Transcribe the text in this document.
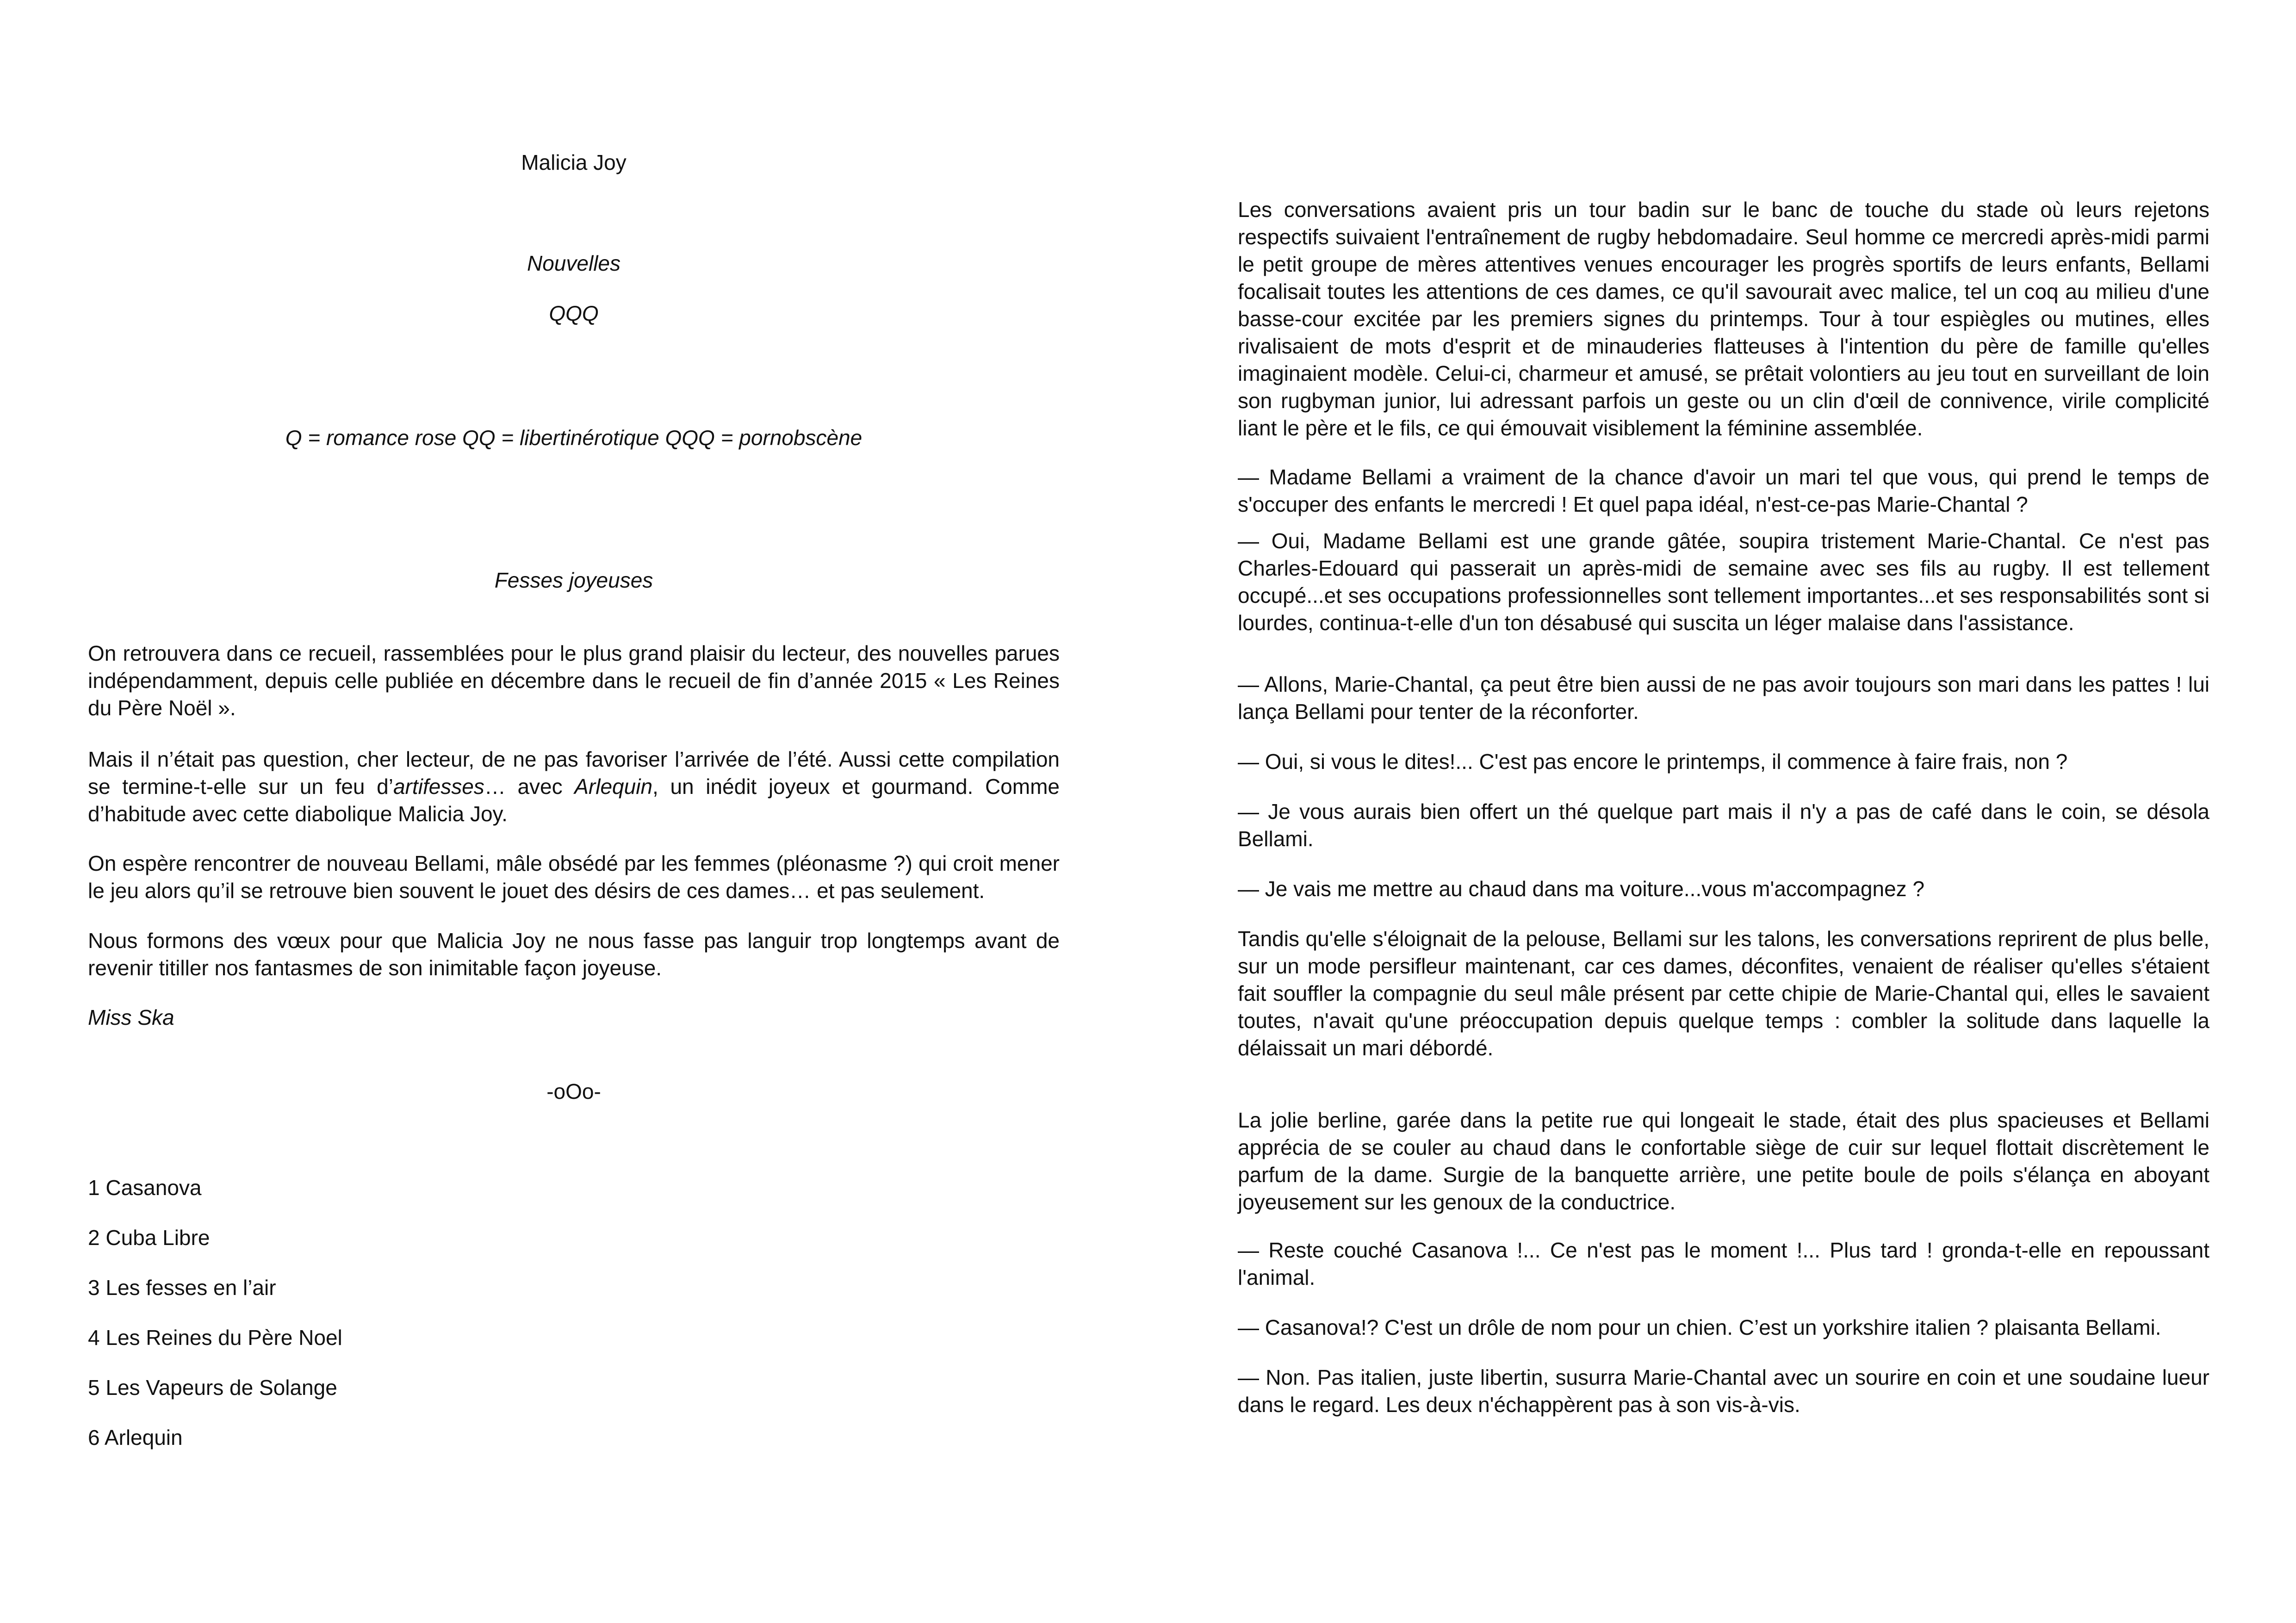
Malicia Joy

Nouvelles

QQQ

Q = romance rose QQ = libertinérotique QQQ = pornobscène

Fesses joyeuses

On retrouvera dans ce recueil, rassemblées pour le plus grand plaisir du lecteur, des nouvelles parues indépendamment, depuis celle publiée en décembre dans le recueil de fin d’année 2015 « Les Reines du Père Noël ».

Mais il n’était pas question, cher lecteur, de ne pas favoriser l’arrivée de l’été. Aussi cette compilation se termine-t-elle sur un feu d’artifesses… avec Arlequin, un inédit joyeux et gourmand. Comme d’habitude avec cette diabolique Malicia Joy.

On espère rencontrer de nouveau Bellami, mâle obsédé par les femmes (pléonasme ?) qui croit mener le jeu alors qu’il se retrouve bien souvent le jouet des désirs de ces dames… et pas seulement.

Nous formons des vœux pour que Malicia Joy ne nous fasse pas languir trop longtemps avant de revenir titiller nos fantasmes de son inimitable façon joyeuse.

Miss Ska

-oOo-

1 Casanova

2 Cuba Libre

3 Les fesses en l’air

4 Les Reines du Père Noel

5 Les Vapeurs de Solange

6 Arlequin

Les conversations avaient pris un tour badin sur le banc de touche du stade où leurs rejetons respectifs suivaient l'entraînement de rugby hebdomadaire. Seul homme ce mercredi après-midi parmi le petit groupe de mères attentives venues encourager les progrès sportifs de leurs enfants, Bellami focalisait toutes les attentions de ces dames, ce qu'il savourait avec malice, tel un coq au milieu d'une basse-cour excitée par les premiers signes du printemps. Tour à tour espiègles ou mutines, elles rivalisaient de mots d'esprit et de minauderies flatteuses à l'intention du père de famille qu'elles imaginaient modèle. Celui-ci, charmeur et amusé, se prêtait volontiers au jeu tout en surveillant de loin son rugbyman junior, lui adressant parfois un geste ou un clin d'œil de connivence, virile complicité liant le père et le fils, ce qui émouvait visiblement la féminine assemblée.

— Madame Bellami a vraiment de la chance d'avoir un mari tel que vous, qui prend le temps de s'occuper des enfants le mercredi ! Et quel papa idéal, n'est-ce-pas Marie-Chantal ?

— Oui, Madame Bellami est une grande gâtée, soupira tristement Marie-Chantal. Ce n'est pas Charles-Edouard qui passerait un après-midi de semaine avec ses fils au rugby. Il est tellement occupé...et ses occupations professionnelles sont tellement importantes...et ses responsabilités sont si lourdes, continua-t-elle d'un ton désabusé qui suscita un léger malaise dans l'assistance.

— Allons, Marie-Chantal, ça peut être bien aussi de ne pas avoir toujours son mari dans les pattes ! lui lança Bellami pour tenter de la réconforter.

— Oui, si vous le dites!... C'est pas encore le printemps, il commence à faire frais, non ?

— Je vous aurais bien offert un thé quelque part mais il n'y a pas de café dans le coin, se désola Bellami.

— Je vais me mettre au chaud dans ma voiture...vous m'accompagnez ?

Tandis qu'elle s'éloignait de la pelouse, Bellami sur les talons, les conversations reprirent de plus belle, sur un mode persifleur maintenant, car ces dames, déconfites, venaient de réaliser qu'elles s'étaient fait souffler la compagnie du seul mâle présent par cette chipie de Marie-Chantal qui, elles le savaient toutes, n'avait qu'une préoccupation depuis quelque temps : combler la solitude dans laquelle la délaissait un mari débordé.

La jolie berline, garée dans la petite rue qui longeait le stade, était des plus spacieuses et Bellami apprécia de se couler au chaud dans le confortable siège de cuir sur lequel flottait discrètement le parfum de la dame. Surgie de la banquette arrière, une petite boule de poils s'élança en aboyant joyeusement sur les genoux de la conductrice.

— Reste couché Casanova !... Ce n'est pas le moment !... Plus tard ! gronda-t-elle en repoussant l'animal.

— Casanova!? C'est un drôle de nom pour un chien. C’est un yorkshire italien ? plaisanta Bellami.

— Non. Pas italien, juste libertin, susurra Marie-Chantal avec un sourire en coin et une soudaine lueur dans le regard. Les deux n'échappèrent pas à son vis-à-vis.
